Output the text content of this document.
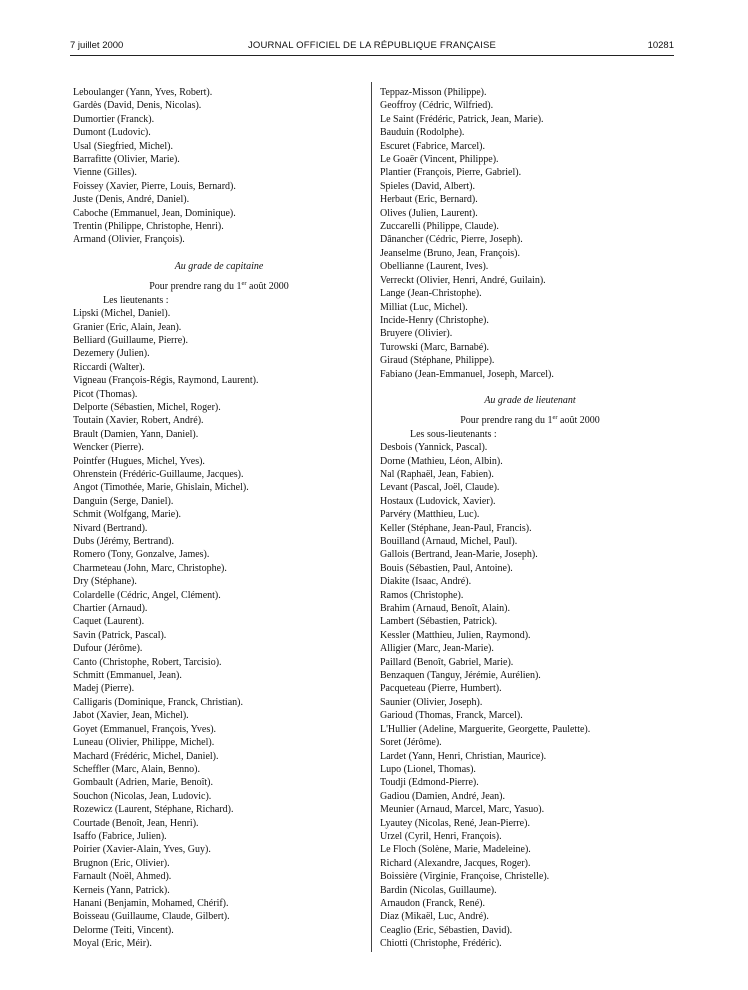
7 juillet 2000	JOURNAL OFFICIEL DE LA RÉPUBLIQUE FRANÇAISE	10281

Leboulanger (Yann, Yves, Robert).

Gardès (David, Denis, Nicolas).

Dumortier (Franck).

Dumont (Ludovic).

Usal (Siegfried, Michel).

Barrafitte (Olivier, Marie).

Vienne (Gilles).

Foissey (Xavier, Pierre, Louis, Bernard).

Juste (Denis, André, Daniel).

Caboche (Emmanuel, Jean, Dominique).

Trentin (Philippe, Christophe, Henri).

Armand (Olivier, François).

Au grade de capitaine

Pour prendre rang du 1er août 2000

Les lieutenants :

Lipski (Michel, Daniel).

Granier (Eric, Alain, Jean).

Belliard (Guillaume, Pierre).

Dezemery (Julien).

Riccardi (Walter).

Vigneau (François-Régis, Raymond, Laurent).

Picot (Thomas).

Delporte (Sébastien, Michel, Roger).

Toutain (Xavier, Robert, André).

Brault (Damien, Yann, Daniel).

Wencker (Pierre).

Pointfer (Hugues, Michel, Yves).

Ohrenstein (Frédéric-Guillaume, Jacques).

Angot (Timothée, Marie, Ghislain, Michel).

Danguin (Serge, Daniel).

Schmit (Wolfgang, Marie).

Nivard (Bertrand).

Dubs (Jérémy, Bertrand).

Romero (Tony, Gonzalve, James).

Charmeteau (John, Marc, Christophe).

Dry (Stéphane).

Colardelle (Cédric, Angel, Clément).

Chartier (Arnaud).

Caquet (Laurent).

Savin (Patrick, Pascal).

Dufour (Jérôme).

Canto (Christophe, Robert, Tarcisio).

Schmitt (Emmanuel, Jean).

Madej (Pierre).

Calligaris (Dominique, Franck, Christian).

Jabot (Xavier, Jean, Michel).

Goyet (Emmanuel, François, Yves).

Luneau (Olivier, Philippe, Michel).

Machard (Frédéric, Michel, Daniel).

Scheffler (Marc, Alain, Benno).

Gombault (Adrien, Marie, Benoît).

Souchon (Nicolas, Jean, Ludovic).

Rozewicz (Laurent, Stéphane, Richard).

Courtade (Benoît, Jean, Henri).

Isaffo (Fabrice, Julien).

Poirier (Xavier-Alain, Yves, Guy).

Brugnon (Eric, Olivier).

Farnault (Noël, Ahmed).

Kerneis (Yann, Patrick).

Hanani (Benjamin, Mohamed, Chérif).

Boisseau (Guillaume, Claude, Gilbert).

Delorme (Teiti, Vincent).

Moyal (Eric, Méir).

Teppaz-Misson (Philippe).

Geoffroy (Cédric, Wilfried).

Le Saint (Frédéric, Patrick, Jean, Marie).

Bauduin (Rodolphe).

Escuret (Fabrice, Marcel).

Le Goaër (Vincent, Philippe).

Plantier (François, Pierre, Gabriel).

Spieles (David, Albert).

Herbaut (Eric, Bernard).

Olives (Julien, Laurent).

Zuccarelli (Philippe, Claude).

Dânancher (Cédric, Pierre, Joseph).

Jeanselme (Bruno, Jean, François).

Obellianne (Laurent, Ives).

Verreckt (Olivier, Henri, André, Guilain).

Lange (Jean-Christophe).

Milliat (Luc, Michel).

Incide-Henry (Christophe).

Bruyere (Olivier).

Turowski (Marc, Barnabé).

Giraud (Stéphane, Philippe).

Fabiano (Jean-Emmanuel, Joseph, Marcel).

Au grade de lieutenant

Pour prendre rang du 1er août 2000

Les sous-lieutenants :

Desbois (Yannick, Pascal).

Dorne (Mathieu, Léon, Albin).

Nal (Raphaël, Jean, Fabien).

Levant (Pascal, Joël, Claude).

Hostaux (Ludovick, Xavier).

Parvéry (Matthieu, Luc).

Keller (Stéphane, Jean-Paul, Francis).

Bouilland (Arnaud, Michel, Paul).

Gallois (Bertrand, Jean-Marie, Joseph).

Bouis (Sébastien, Paul, Antoine).

Diakite (Isaac, André).

Ramos (Christophe).

Brahim (Arnaud, Benoît, Alain).

Lambert (Sébastien, Patrick).

Kessler (Matthieu, Julien, Raymond).

Alligier (Marc, Jean-Marie).

Paillard (Benoît, Gabriel, Marie).

Benzaquen (Tanguy, Jérémie, Aurélien).

Pacqueteau (Pierre, Humbert).

Saunier (Olivier, Joseph).

Garioud (Thomas, Franck, Marcel).

L'Hullier (Adeline, Marguerite, Georgette, Paulette).

Soret (Jérôme).

Lardet (Yann, Henri, Christian, Maurice).

Lupo (Lionel, Thomas).

Toudji (Edmond-Pierre).

Gadiou (Damien, André, Jean).

Meunier (Arnaud, Marcel, Marc, Yasuo).

Lyautey (Nicolas, René, Jean-Pierre).

Urzel (Cyril, Henri, François).

Le Floch (Solène, Marie, Madeleine).

Richard (Alexandre, Jacques, Roger).

Boissière (Virginie, Françoise, Christelle).

Bardin (Nicolas, Guillaume).

Arnaudon (Franck, René).

Diaz (Mikaël, Luc, André).

Ceaglio (Eric, Sébastien, David).

Chiotti (Christophe, Frédéric).
